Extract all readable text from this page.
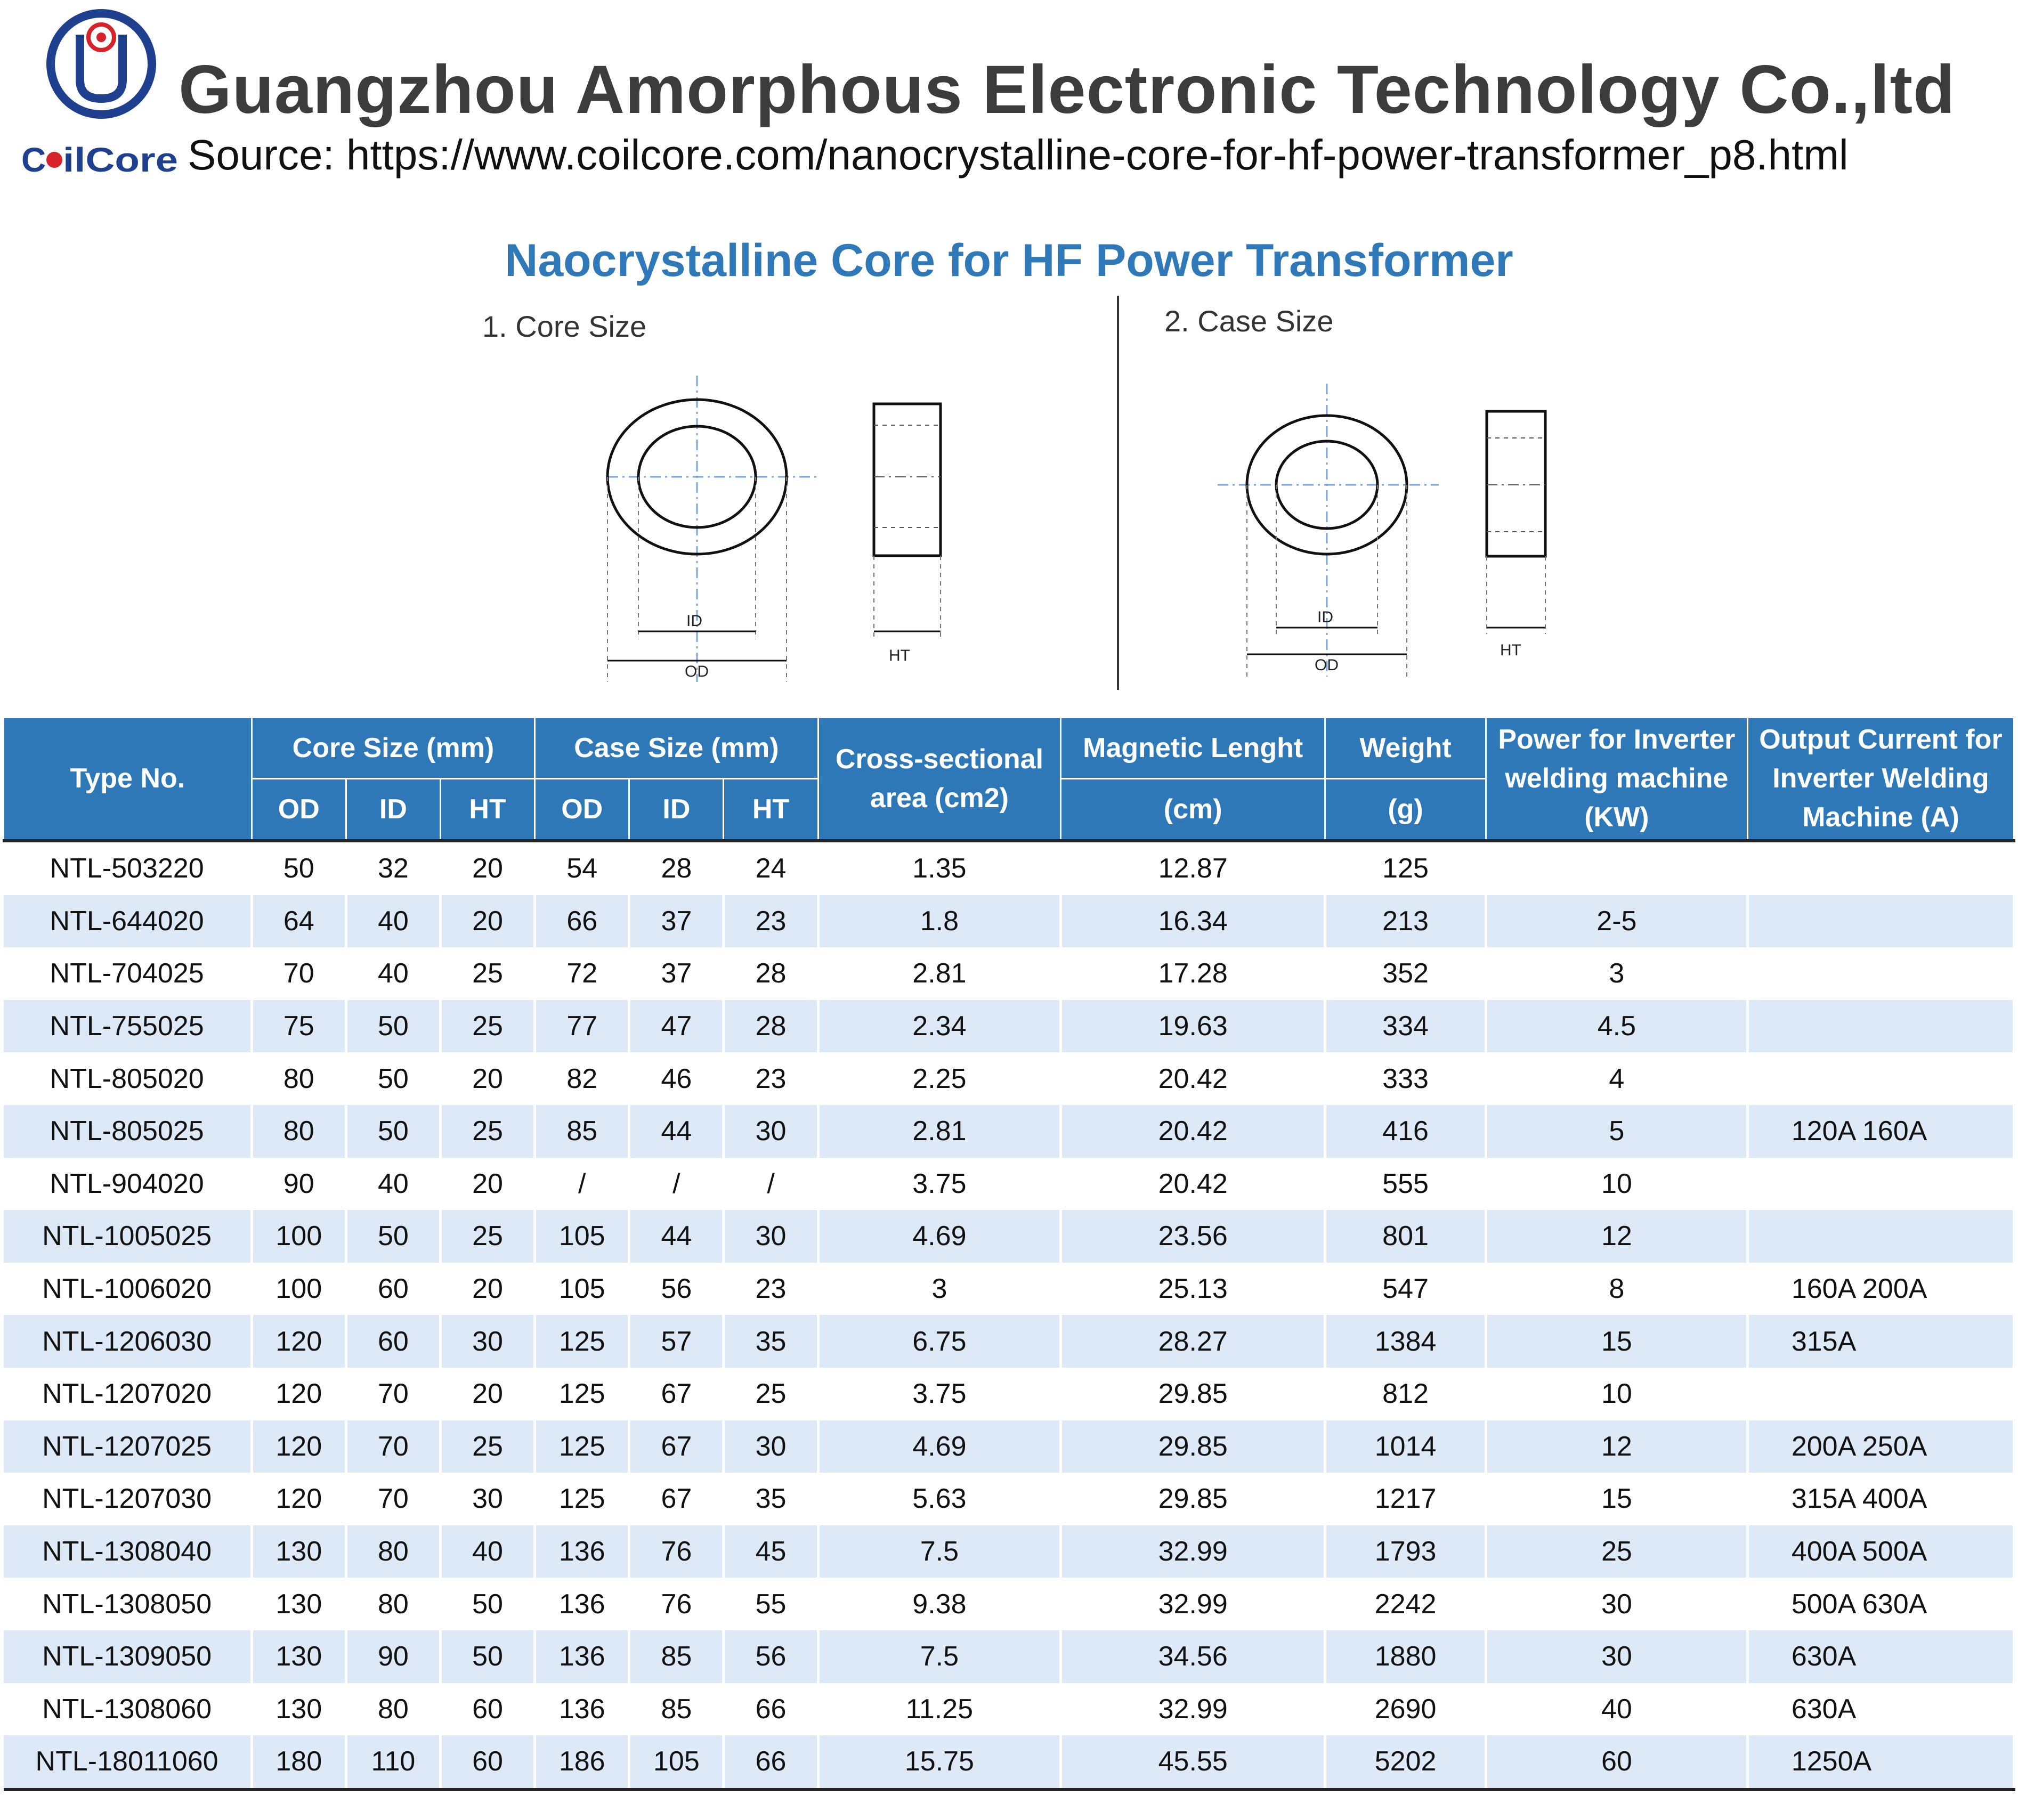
C ilCore
Guangzhou Amorphous Electronic Technology Co.,ltd
Source: https://www.coilcore.com/nanocrystalline-core-for-hf-power-transformer_p8.html
Naocrystalline Core for HF Power Transformer
1. Core Size
ID
OD
HT
2. Case Size
ID
OD
HT
Type No.	Core Size (mm)			Case Size (mm)			Cross-sectional area (cm2)	Magnetic Lenght	Weight	Power for Inverter welding machine (KW)	Output Current for Inverter Welding Machine (A)
	OD	ID	HT	OD	ID	HT		(cm)	(g)		
NTL-503220	50	32	20	54	28	24	1.35	12.87	125		
NTL-644020	64	40	20	66	37	23	1.8	16.34	213	2-5	
NTL-704025	70	40	25	72	37	28	2.81	17.28	352	3	
NTL-755025	75	50	25	77	47	28	2.34	19.63	334	4.5	
NTL-805020	80	50	20	82	46	23	2.25	20.42	333	4	
NTL-805025	80	50	25	85	44	30	2.81	20.42	416	5	120A 160A
NTL-904020	90	40	20	/	/	/	3.75	20.42	555	10	
NTL-1005025	100	50	25	105	44	30	4.69	23.56	801	12	
NTL-1006020	100	60	20	105	56	23	3	25.13	547	8	160A 200A
NTL-1206030	120	60	30	125	57	35	6.75	28.27	1384	15	315A
NTL-1207020	120	70	20	125	67	25	3.75	29.85	812	10	
NTL-1207025	120	70	25	125	67	30	4.69	29.85	1014	12	200A 250A
NTL-1207030	120	70	30	125	67	35	5.63	29.85	1217	15	315A 400A
NTL-1308040	130	80	40	136	76	45	7.5	32.99	1793	25	400A 500A
NTL-1308050	130	80	50	136	76	55	9.38	32.99	2242	30	500A 630A
NTL-1309050	130	90	50	136	85	56	7.5	34.56	1880	30	630A
NTL-1308060	130	80	60	136	85	66	11.25	32.99	2690	40	630A
NTL-18011060	180	110	60	186	105	66	15.75	45.55	5202	60	1250A
